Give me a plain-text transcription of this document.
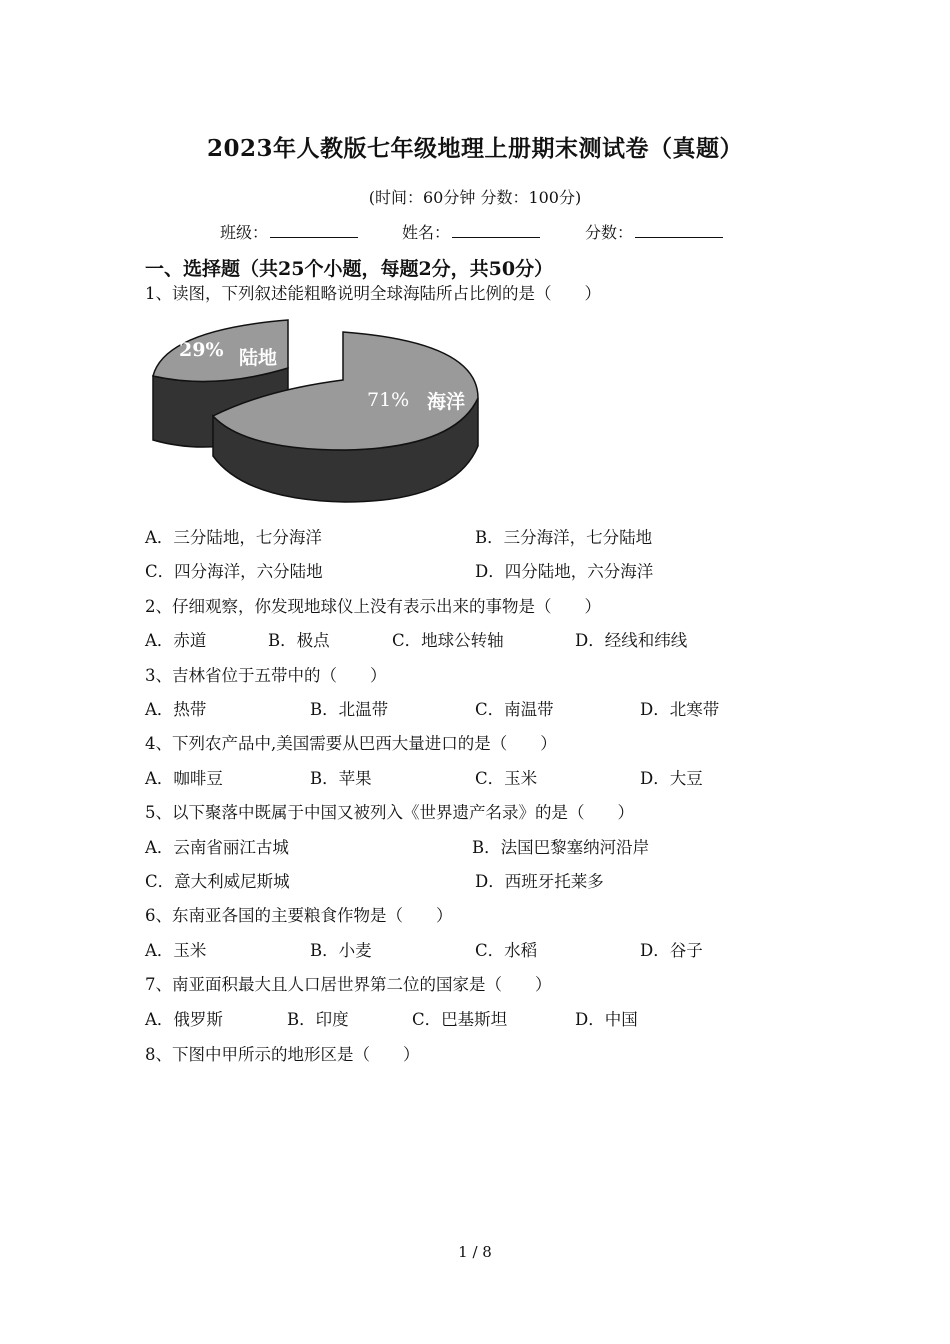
2023年人教版七年级地理上册期末测试卷（真题）
(时间：60分钟 分数：100分)
班级：	姓名：	分数：
一、选择题（共25个小题，每题2分，共50分）
1、读图，下列叙述能粗略说明全球海陆所占比例的是（　　）
29% 陆地
71% 海洋
A．三分陆地，七分海洋	B．三分海洋，七分陆地
C．四分海洋，六分陆地	D．四分陆地，六分海洋
2、仔细观察，你发现地球仪上没有表示出来的事物是（　　）
A．赤道	B．极点	C．地球公转轴	D．经线和纬线
3、吉林省位于五带中的（　　）
A．热带	B．北温带	C．南温带	D．北寒带
4、下列农产品中,美国需要从巴西大量进口的是（　　）
A．咖啡豆	B．苹果	C．玉米	D．大豆
5、以下聚落中既属于中国又被列入《世界遗产名录》的是（　　）
A．云南省丽江古城	B．法国巴黎塞纳河沿岸
C．意大利威尼斯城	D．西班牙托莱多
6、东南亚各国的主要粮食作物是（　　）
A．玉米	B．小麦	C．水稻	D．谷子
7、南亚面积最大且人口居世界第二位的国家是（　　）
A．俄罗斯	B．印度	C．巴基斯坦	D．中国
8、下图中甲所示的地形区是（　　）
1 / 8
